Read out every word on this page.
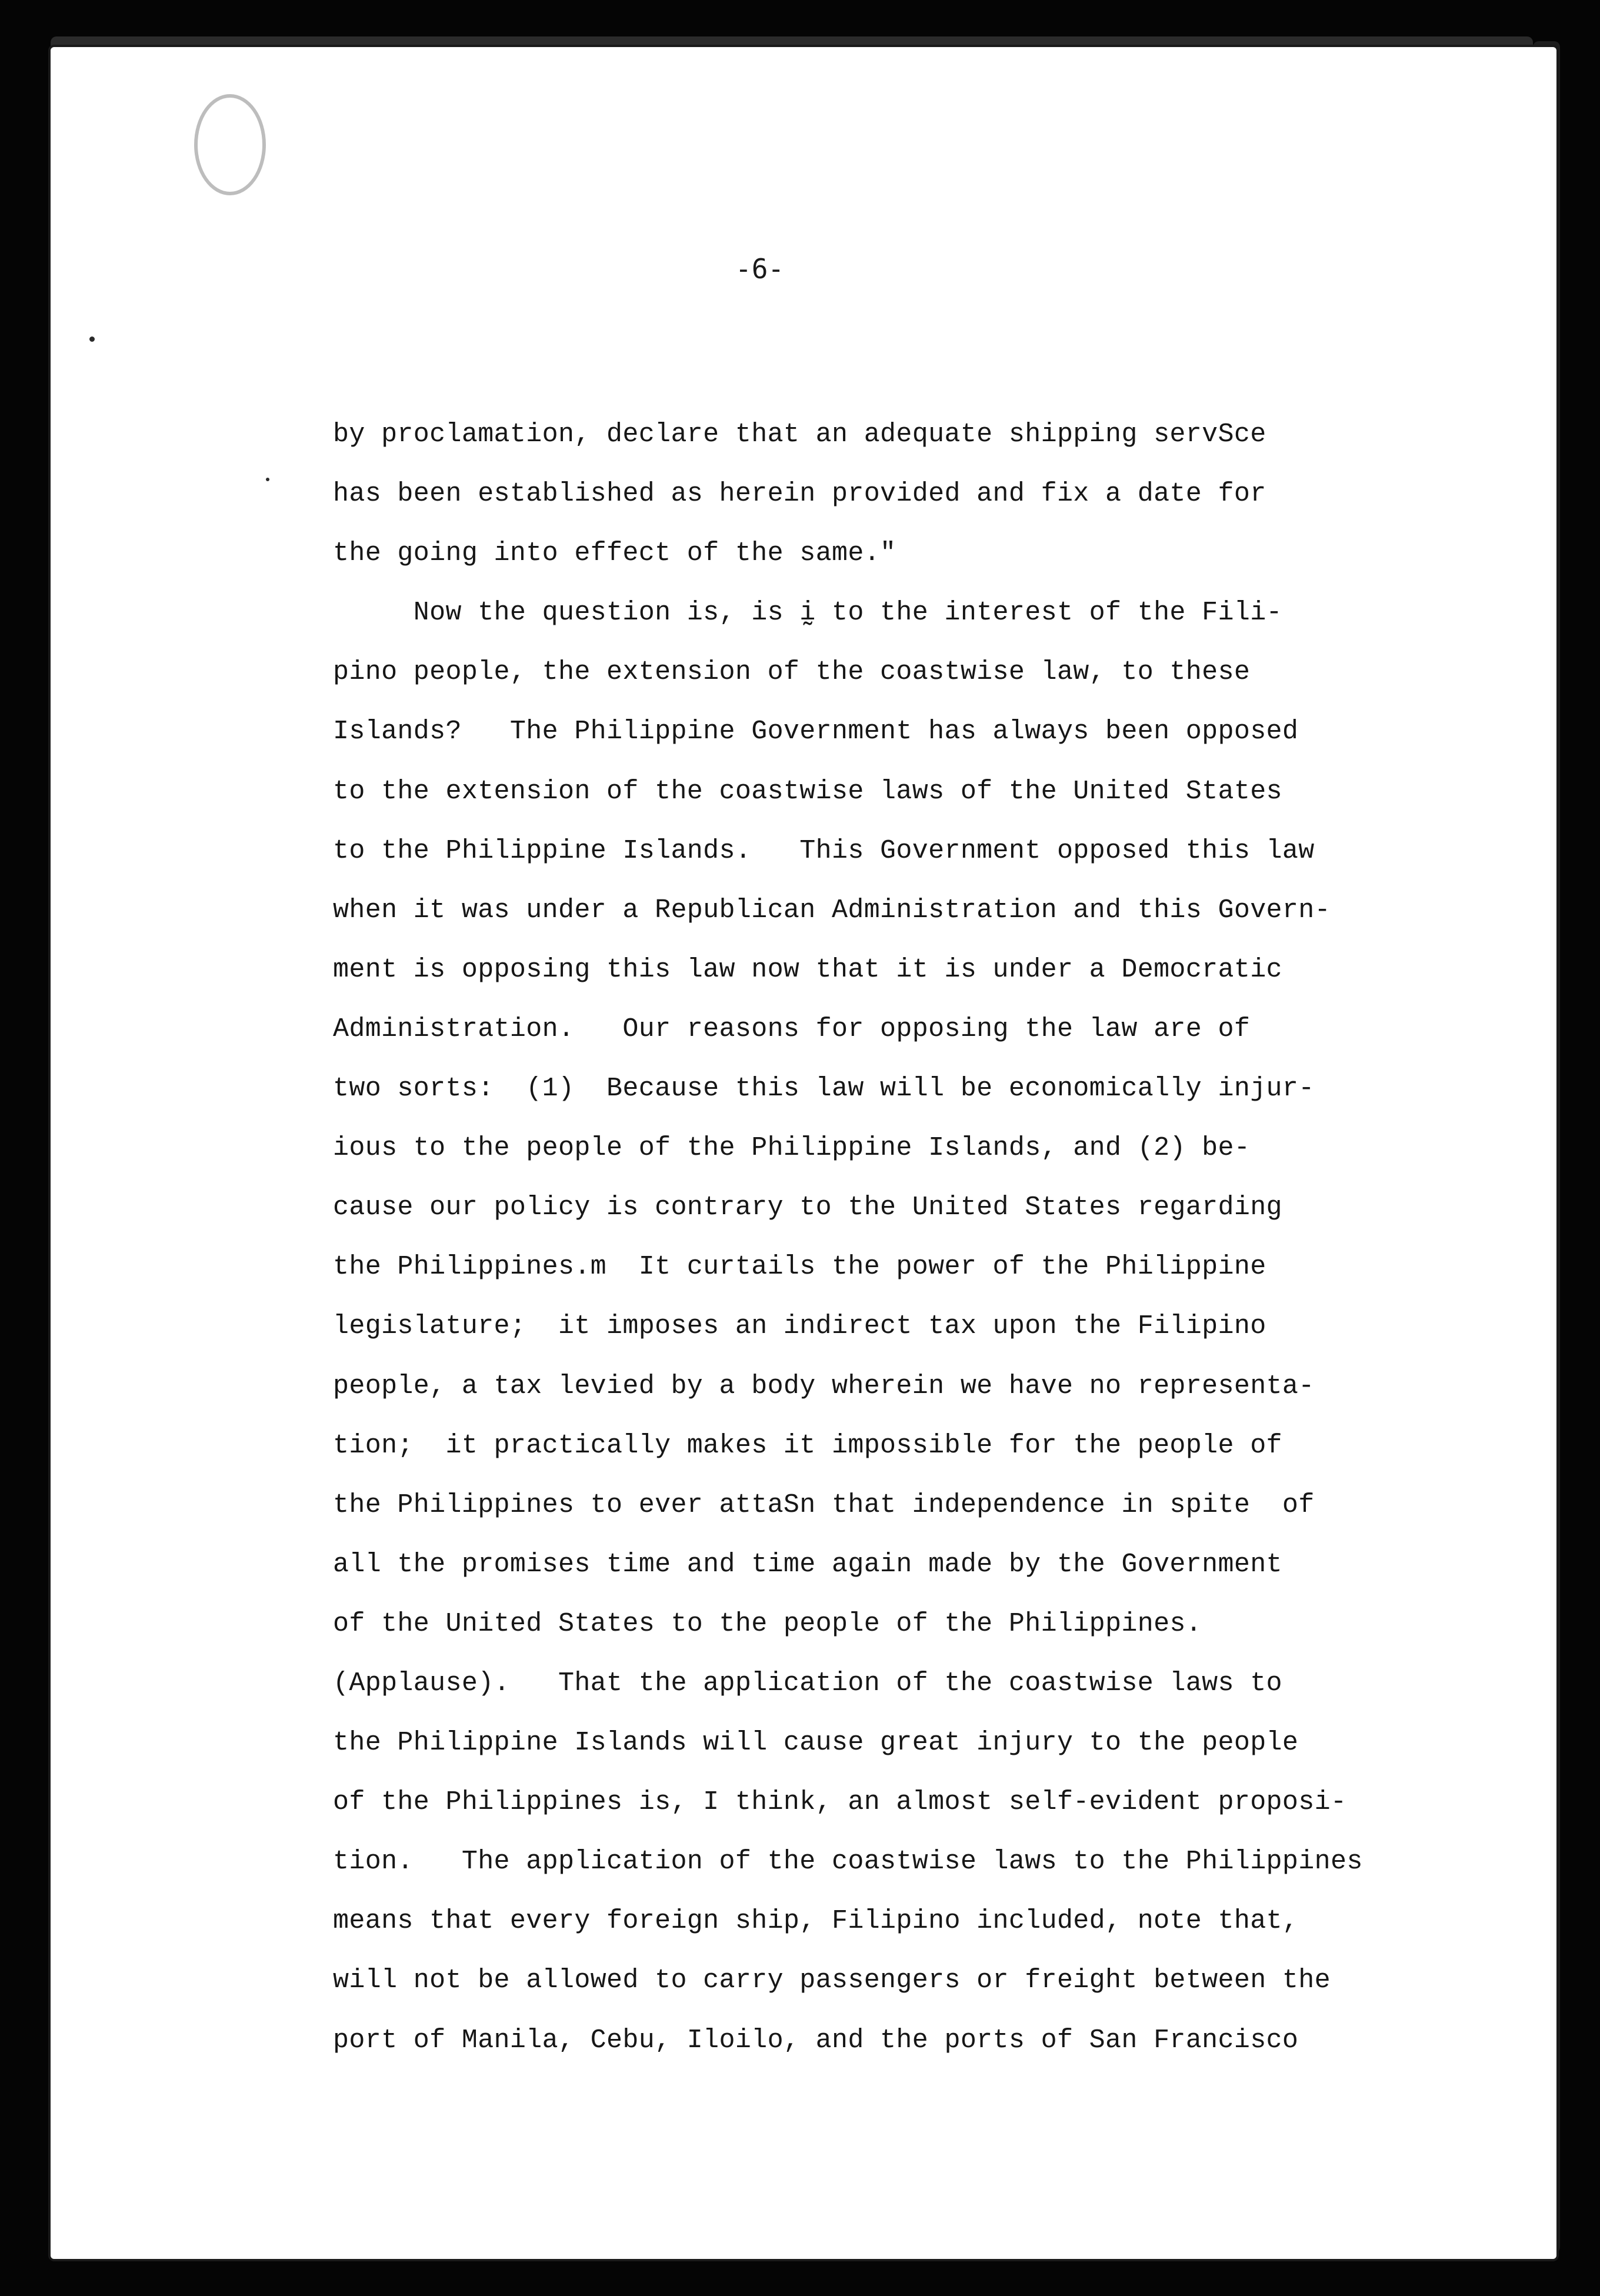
-6-
by proclamation, declare that an adequate shipping servSce
has been established as herein provided and fix a date for
the going into effect of the same."
Now the question is, is ḭ to the interest of the Fili-
pino people, the extension of the coastwise law, to these
Islands?   The Philippine Government has always been opposed
to the extension of the coastwise laws of the United States
to the Philippine Islands.   This Government opposed this law
when it was under a Republican Administration and this Govern-
ment is opposing this law now that it is under a Democratic
Administration.   Our reasons for opposing the law are of
two sorts:  (1)  Because this law will be economically injur-
ious to the people of the Philippine Islands, and (2) be-
cause our policy is contrary to the United States regarding
the Philippines.m  It curtails the power of the Philippine
legislature;  it imposes an indirect tax upon the Filipino
people, a tax levied by a body wherein we have no representa-
tion;  it practically makes it impossible for the people of
the Philippines to ever attaSn that independence in spite  of
all the promises time and time again made by the Government
of the United States to the people of the Philippines.
(Applause).   That the application of the coastwise laws to
the Philippine Islands will cause great injury to the people
of the Philippines is, I think, an almost self-evident proposi-
tion.   The application of the coastwise laws to the Philippines
means that every foreign ship, Filipino included, note that,
will not be allowed to carry passengers or freight between the
port of Manila, Cebu, Iloilo, and the ports of San Francisco
